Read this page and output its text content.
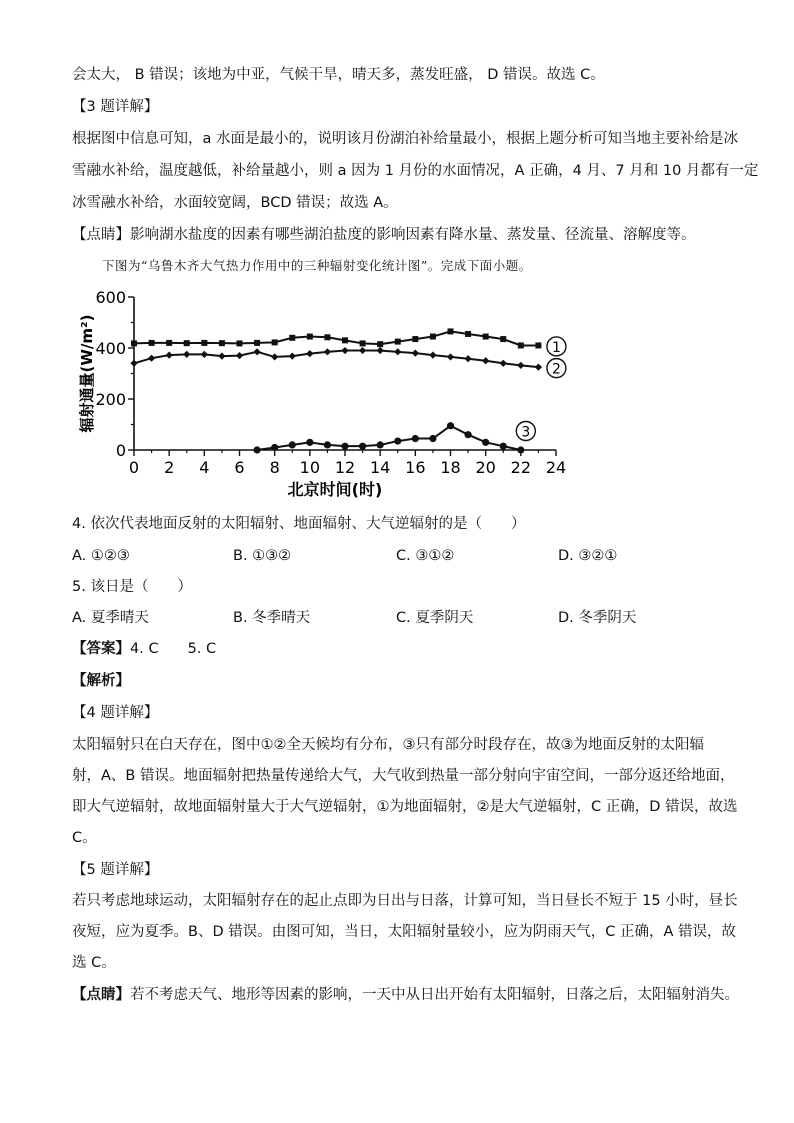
会太大， B 错误；该地为中亚，气候干旱，晴天多，蒸发旺盛， D 错误。故选 C。
【3 题详解】
根据图中信息可知，a 水面是最小的，说明该月份湖泊补给量最小，根据上题分析可知当地主要补给是冰
雪融水补给，温度越低，补给量越小，则 a 因为 1 月份的水面情况，A 正确，4 月、7 月和 10 月都有一定
冰雪融水补给，水面较宽阔，BCD 错误；故选 A。
【点睛】影响湖水盐度的因素有哪些湖泊盐度的影响因素有降水量、蒸发量、径流量、溶解度等。
下图为“乌鲁木齐大气热力作用中的三种辐射变化统计图”。完成下面小题。
0
200
400
600
0 2 4 6 8 10 12 14 16 18 20 22 24
北京时间(时)
辐射通量(W/m²)	1
2
3
4. 依次代表地面反射的太阳辐射、地面辐射、大气逆辐射的是（　　）
A. ①②③	B. ①③②	C. ③①②	D. ③②①
5. 该日是（　　）
A. 夏季晴天	B. 冬季晴天	C. 夏季阴天	D. 冬季阴天
【答案】4. C　　5. C
【解析】
【4 题详解】
太阳辐射只在白天存在，图中①②全天候均有分布，③只有部分时段存在，故③为地面反射的太阳辐
射，A、B 错误。地面辐射把热量传递给大气，大气收到热量一部分射向宇宙空间，一部分返还给地面，
即大气逆辐射，故地面辐射量大于大气逆辐射，①为地面辐射，②是大气逆辐射，C 正确，D 错误，故选
C。
【5 题详解】
若只考虑地球运动，太阳辐射存在的起止点即为日出与日落，计算可知，当日昼长不短于 15 小时，昼长
夜短，应为夏季。B、D 错误。由图可知，当日，太阳辐射量较小，应为阴雨天气，C 正确，A 错误，故
选 C。
【点睛】若不考虑天气、地形等因素的影响，一天中从日出开始有太阳辐射，日落之后，太阳辐射消失。
